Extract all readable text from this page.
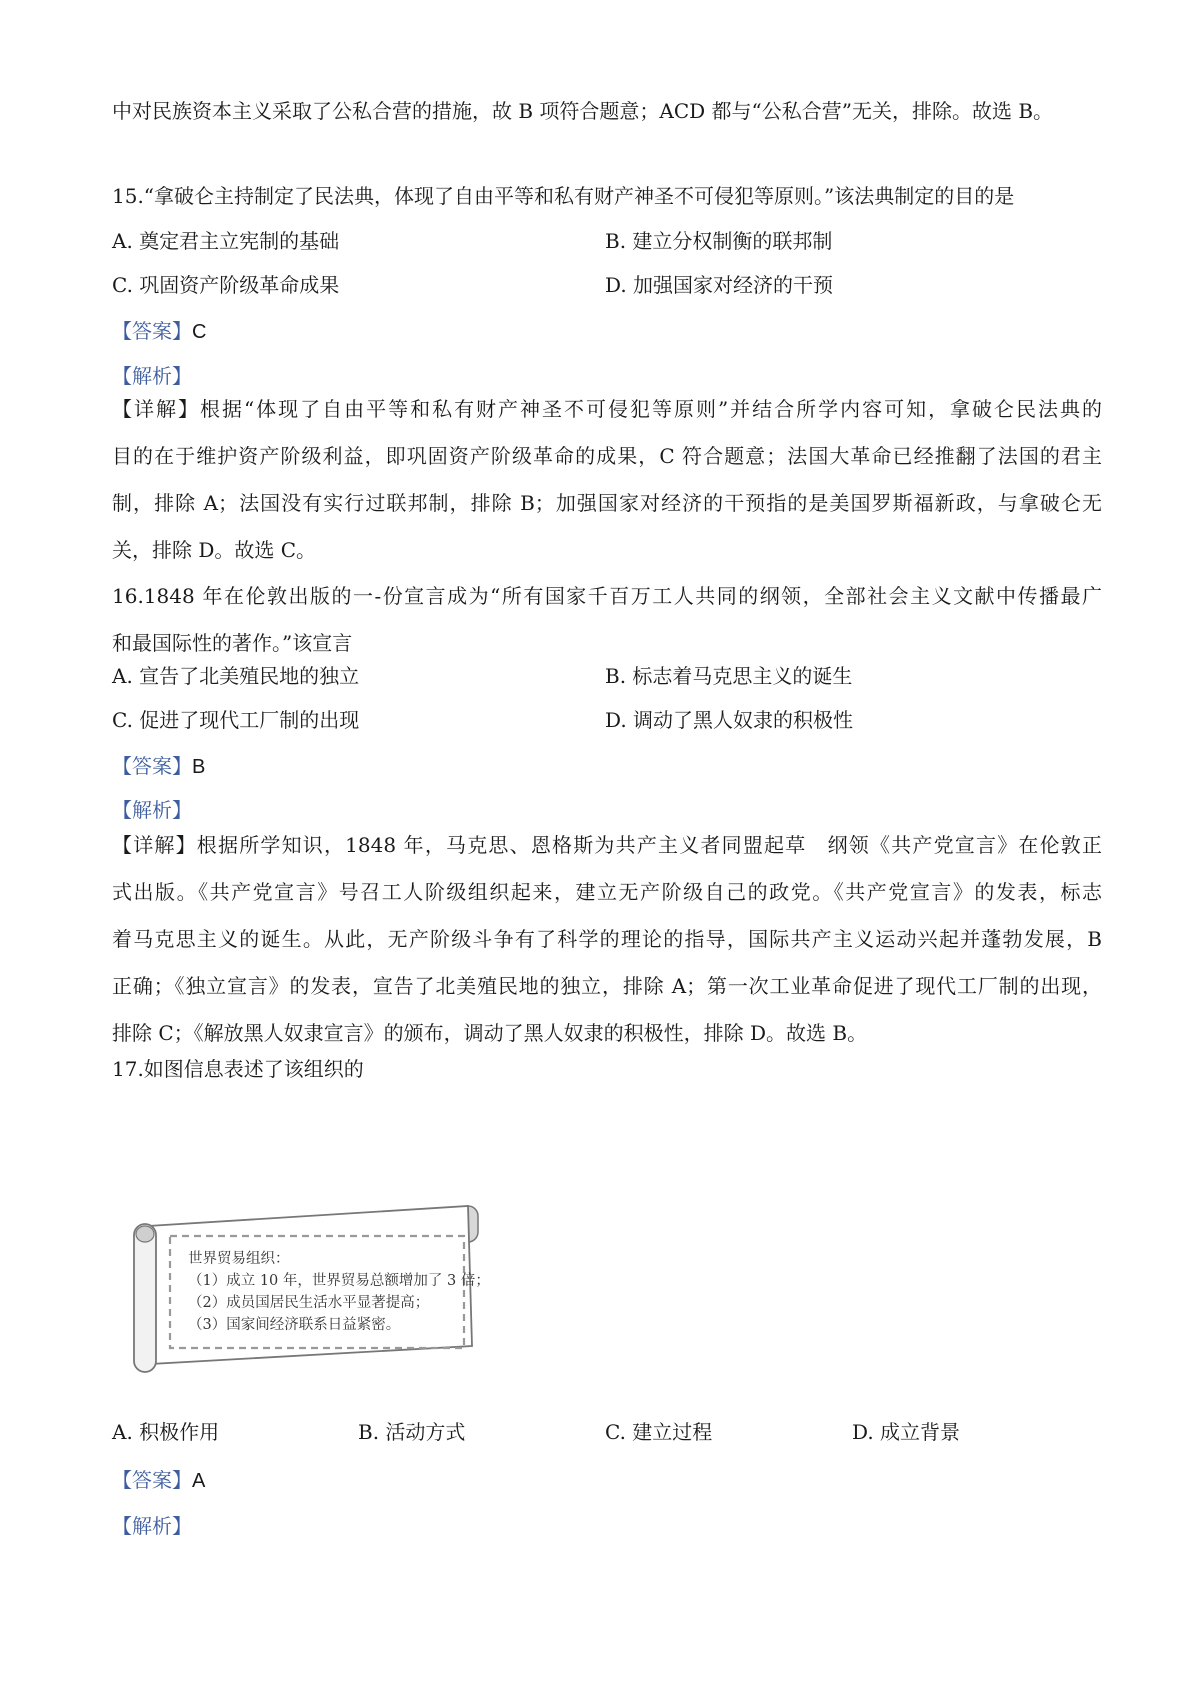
中对民族资本主义采取了公私合营的措施，故 B 项符合题意；ACD 都与“公私合营”无关，排除。故选 B。
15.“拿破仑主持制定了民法典，体现了自由平等和私有财产神圣不可侵犯等原则。”该法典制定的目的是
A. 奠定君主立宪制的基础	B. 建立分权制衡的联邦制
C. 巩固资产阶级革命成果	D. 加强国家对经济的干预
【答案】C
【解析】
【详解】根据“体现了自由平等和私有财产神圣不可侵犯等原则”并结合所学内容可知，拿破仑民法典的
目的在于维护资产阶级利益，即巩固资产阶级革命的成果，C 符合题意；法国大革命已经推翻了法国的君主
制，排除 A；法国没有实行过联邦制，排除 B；加强国家对经济的干预指的是美国罗斯福新政，与拿破仑无
关，排除 D。故选 C。
16.1848 年在伦敦出版的一-份宣言成为“所有国家千百万工人共同的纲领，全部社会主义文献中传播最广
和最国际性的著作。”该宣言
A. 宣告了北美殖民地的独立	B. 标志着马克思主义的诞生
C. 促进了现代工厂制的出现	D. 调动了黑人奴隶的积极性
【答案】B
【解析】
【详解】根据所学知识，1848 年，马克思、恩格斯为共产主义者同盟起草　纲领《共产党宣言》在伦敦正
式出版。《共产党宣言》号召工人阶级组织起来，建立无产阶级自己的政党。《共产党宣言》的发表，标志
着马克思主义的诞生。从此，无产阶级斗争有了科学的理论的指导，国际共产主义运动兴起并蓬勃发展，B
正确；《独立宣言》的发表，宣告了北美殖民地的独立，排除 A；第一次工业革命促进了现代工厂制的出现，
排除 C；《解放黑人奴隶宣言》的颁布，调动了黑人奴隶的积极性，排除 D。故选 B。
17.如图信息表述了该组织的
世界贸易组织：
（1）成立 10 年，世界贸易总额增加了 3 倍；
（2）成员国居民生活水平显著提高；
（3）国家间经济联系日益紧密。
A. 积极作用	B. 活动方式	C. 建立过程	D. 成立背景
【答案】A
【解析】
